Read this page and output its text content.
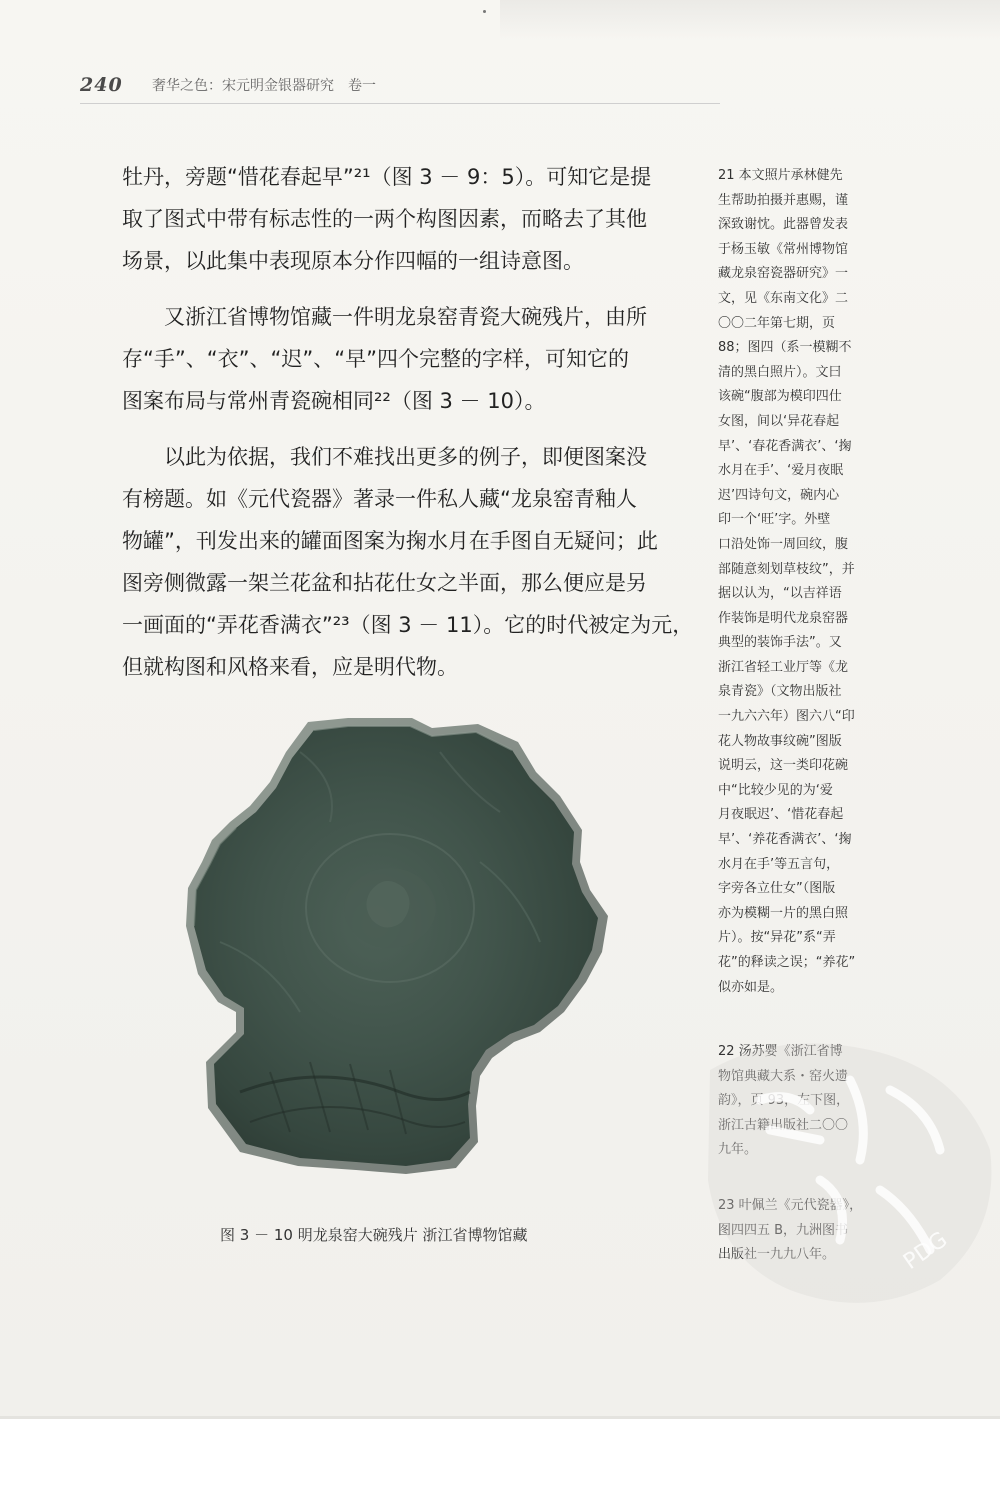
240 奢华之色：宋元明金银器研究　卷一
牡丹，旁题“惜花春起早”²¹（图 3 － 9：5）。可知它是提
取了图式中带有标志性的一两个构图因素，而略去了其他
场景，以此集中表现原本分作四幅的一组诗意图。
又浙江省博物馆藏一件明龙泉窑青瓷大碗残片，由所
存“手”、“衣”、“迟”、“早”四个完整的字样，可知它的
图案布局与常州青瓷碗相同²²（图 3 － 10）。
以此为依据，我们不难找出更多的例子，即便图案没
有榜题。如《元代瓷器》著录一件私人藏“龙泉窑青釉人
物罐”，刊发出来的罐面图案为掬水月在手图自无疑问；此
图旁侧微露一架兰花盆和拈花仕女之半面，那么便应是另
一画面的“弄花香满衣”²³（图 3 － 11）。它的时代被定为元，
但就构图和风格来看，应是明代物。
图 3 － 10 明龙泉窑大碗残片 浙江省博物馆藏
21 本文照片承林健先
生帮助拍摄并惠赐，谨
深致谢忱。此器曾发表
于杨玉敏《常州博物馆
藏龙泉窑瓷器研究》一
文，见《东南文化》二
〇〇二年第七期，页
88；图四（系一模糊不
清的黑白照片）。文曰
该碗“腹部为模印四仕
女图，间以‘异花春起
早’、‘春花香满衣’、‘掬
水月在手’、‘爱月夜眠
迟’四诗句文，碗内心
印一个‘旺’字。外壁
口沿处饰一周回纹，腹
部随意刻划草枝纹”，并
据以认为，“以吉祥语
作装饰是明代龙泉窑器
典型的装饰手法”。又
浙江省轻工业厅等《龙
泉青瓷》（文物出版社
一九六六年）图六八“印
花人物故事纹碗”图版
说明云，这一类印花碗
中“比较少见的为‘爱
月夜眠迟’、‘惜花春起
早’、‘养花香满衣’、‘掬
水月在手’等五言句，
字旁各立仕女”（图版
亦为模糊一片的黑白照
片）。按“异花”系“弄
花”的释读之误；“养花”
似亦如是。
22 汤苏婴《浙江省博
物馆典藏大系・窑火遗
韵》，页 93，左下图，
浙江古籍出版社二〇〇
九年。
23 叶佩兰《元代瓷器》，
图四四五 B，九洲图书
出版社一九九八年。	PDG
